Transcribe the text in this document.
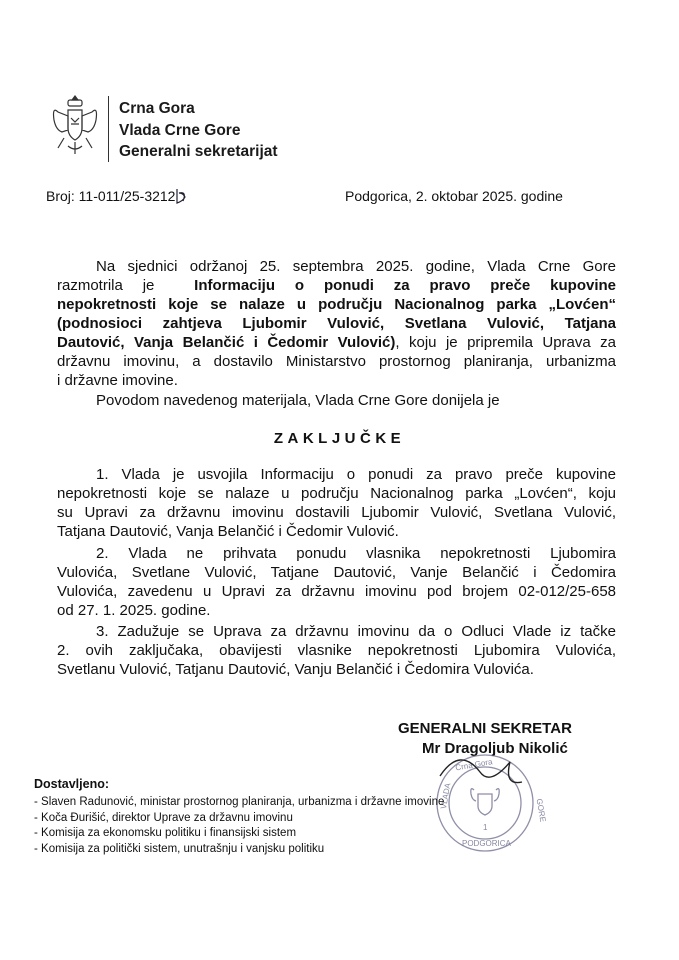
Crna Gora
Vlada Crne Gore
Generalni sekretarijat
Broj: 11-011/25-3212	Podgorica, 2. oktobar 2025. godine
Na sjednici održanoj 25. septembra 2025. godine, Vlada Crne Gore
razmotrila je	Informaciju o ponudi za pravo preče kupovine
nepokretnosti koje se nalaze u području Nacionalnog parka „Lovćen“
(podnosioci zahtjeva Ljubomir Vulović, Svetlana Vulović, Tatjana
Dautović, Vanja Belančić i Čedomir Vulović), koju je pripremila Uprava za
državnu imovinu, a dostavilo Ministarstvo prostornog planiranja, urbanizma
i državne imovine.
Povodom navedenog materijala, Vlada Crne Gore donijela je
ZAKLJUČKE
1. Vlada je usvojila Informaciju o ponudi za pravo preče kupovine
nepokretnosti koje se nalaze u području Nacionalnog parka „Lovćen“, koju
su Upravi za državnu imovinu dostavili Ljubomir Vulović, Svetlana Vulović,
Tatjana Dautović, Vanja Belančić i Čedomir Vulović.
2. Vlada ne prihvata ponudu vlasnika nepokretnosti Ljubomira
Vulovića, Svetlane Vulović, Tatjane Dautović, Vanje Belančić i Čedomira
Vulovića, zavedenu u Upravi za državnu imovinu pod brojem 02-012/25-658
od 27. 1. 2025. godine.
3. Zadužuje se Uprava za državnu imovinu da o Odluci Vlade iz tačke
2. ovih zaključaka, obavijesti vlasnike nepokretnosti Ljubomira Vulovića,
Svetlanu Vulović, Tatjanu Dautović, Vanju Belančić i Čedomira Vulovića.
GENERALNI SEKRETAR
Mr Dragoljub Nikolić
Crna Gora
VLADA
GORE
1
PODGORICA
Dostavljeno:
- Slaven Radunović, ministar prostornog planiranja, urbanizma i državne imovine
- Koča Đurišić, direktor Uprave za državnu imovinu
- Komisija za ekonomsku politiku i finansijski sistem
- Komisija za politički sistem, unutrašnju i vanjsku politiku
